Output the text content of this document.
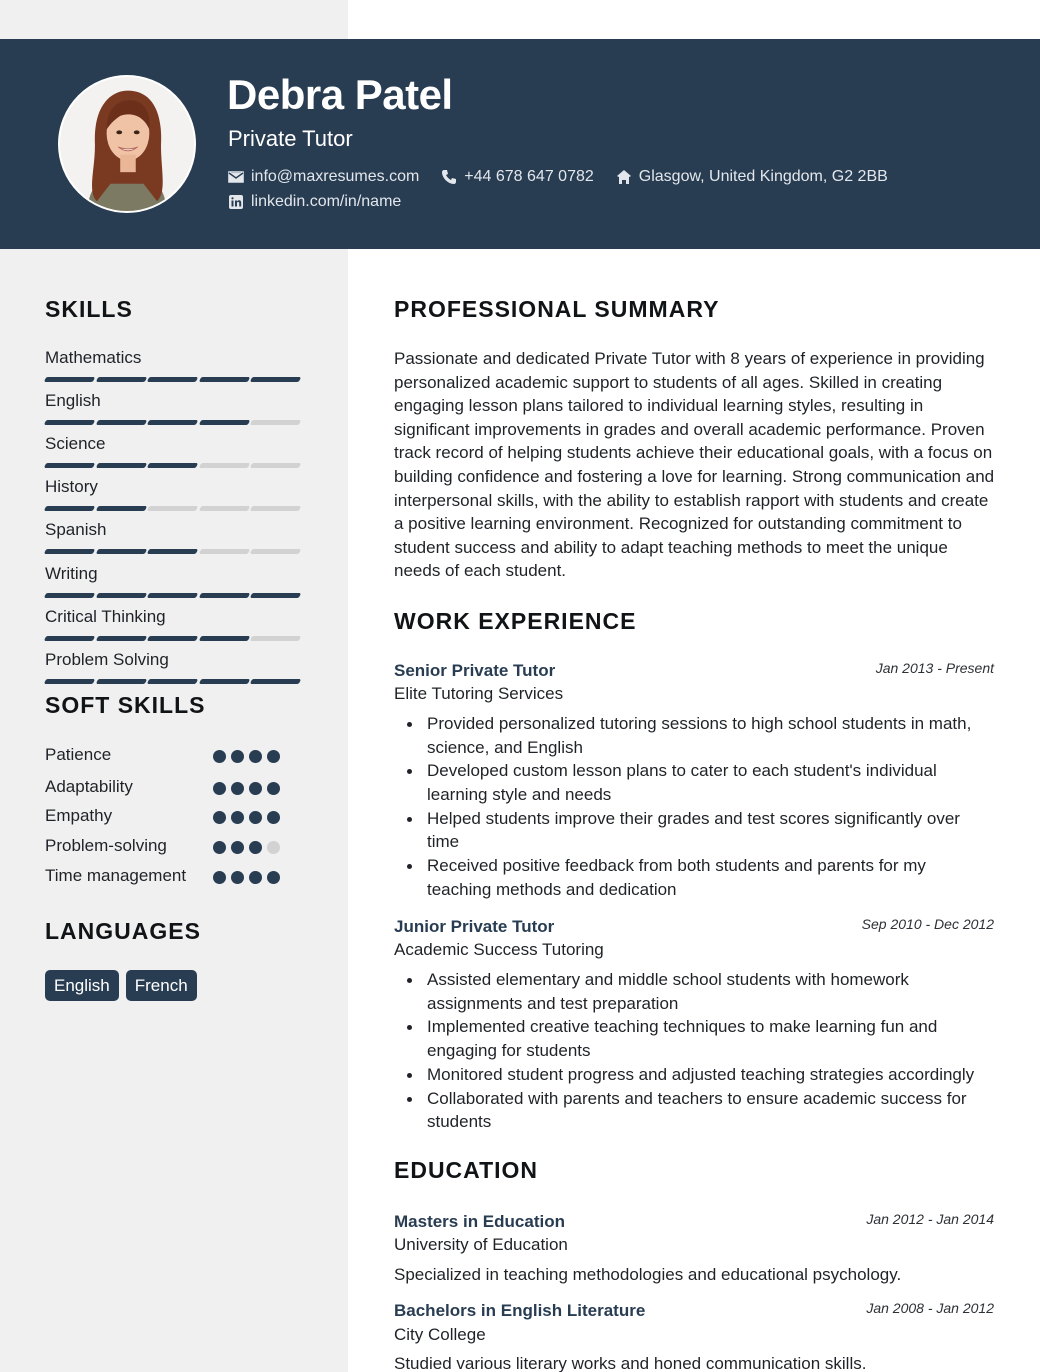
Debra Patel
Private Tutor
info@maxresumes.com	+44 678 647 0782	Glasgow, United Kingdom, G2 2BB
linkedin.com/in/name
SKILLS
Mathematics
English
Science
History
Spanish
Writing
Critical Thinking
Problem Solving
SOFT SKILLS
Patience
Adaptability
Empathy
Problem-solving
Time management
LANGUAGES
English	French
PROFESSIONAL SUMMARY
Passionate and dedicated Private Tutor with 8 years of experience in providing personalized academic support to students of all ages. Skilled in creating engaging lesson plans tailored to individual learning styles, resulting in significant improvements in grades and overall academic performance. Proven track record of helping students achieve their educational goals, with a focus on building confidence and fostering a love for learning. Strong communication and interpersonal skills, with the ability to establish rapport with students and create a positive learning environment. Recognized for outstanding commitment to student success and ability to adapt teaching methods to meet the unique needs of each student.
WORK EXPERIENCE
Senior Private Tutor	Jan 2013 - Present
Elite Tutoring Services
Provided personalized tutoring sessions to high school students in math, science, and English
Developed custom lesson plans to cater to each student's individual learning style and needs
Helped students improve their grades and test scores significantly over time
Received positive feedback from both students and parents for my teaching methods and dedication
Junior Private Tutor	Sep 2010 - Dec 2012
Academic Success Tutoring
Assisted elementary and middle school students with homework assignments and test preparation
Implemented creative teaching techniques to make learning fun and engaging for students
Monitored student progress and adjusted teaching strategies accordingly
Collaborated with parents and teachers to ensure academic success for students
EDUCATION
Masters in Education	Jan 2012 - Jan 2014
University of Education
Specialized in teaching methodologies and educational psychology.
Bachelors in English Literature	Jan 2008 - Jan 2012
City College
Studied various literary works and honed communication skills.
